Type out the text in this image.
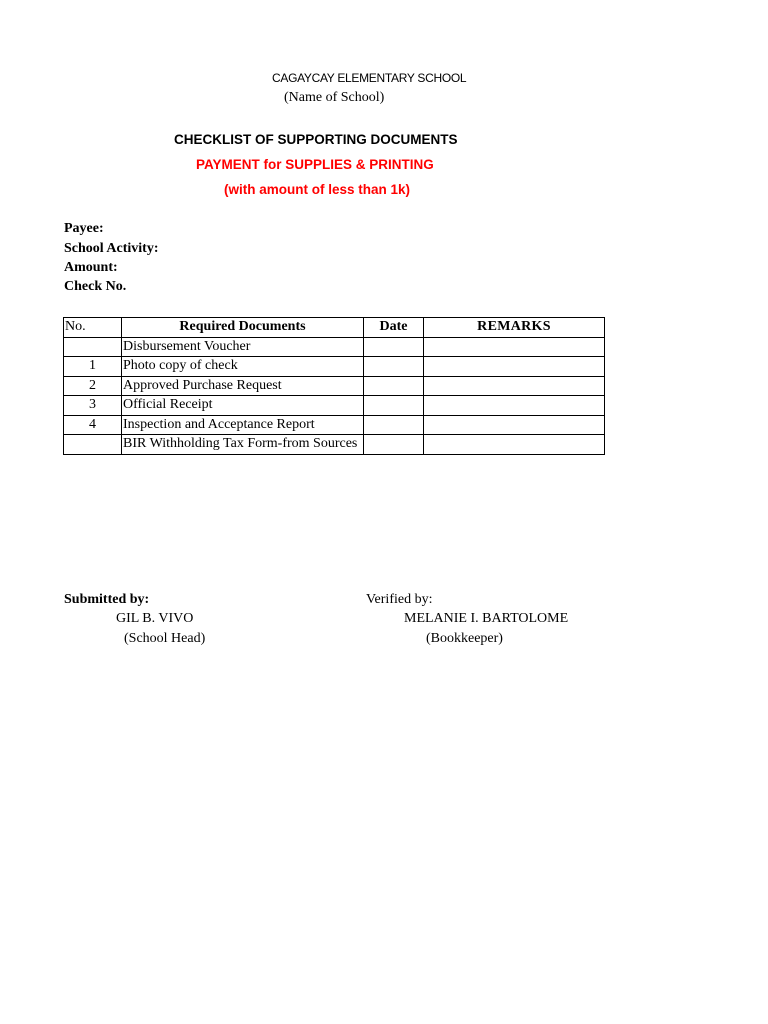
CAGAYCAY ELEMENTARY SCHOOL
(Name of School)
CHECKLIST OF SUPPORTING DOCUMENTS
PAYMENT for SUPPLIES & PRINTING
(with amount of less than 1k)
Payee:
School Activity:
Amount:
Check No.
No.	Required Documents	Date	REMARKS
	Disbursement Voucher		
1	Photo copy of check		
2	Approved Purchase Request		
3	Official Receipt		
4	Inspection and Acceptance Report		
	BIR Withholding Tax Form-from Sources		
Submitted by:
GIL B. VIVO
(School Head)
Verified by:
MELANIE I. BARTOLOME
(Bookkeeper)
